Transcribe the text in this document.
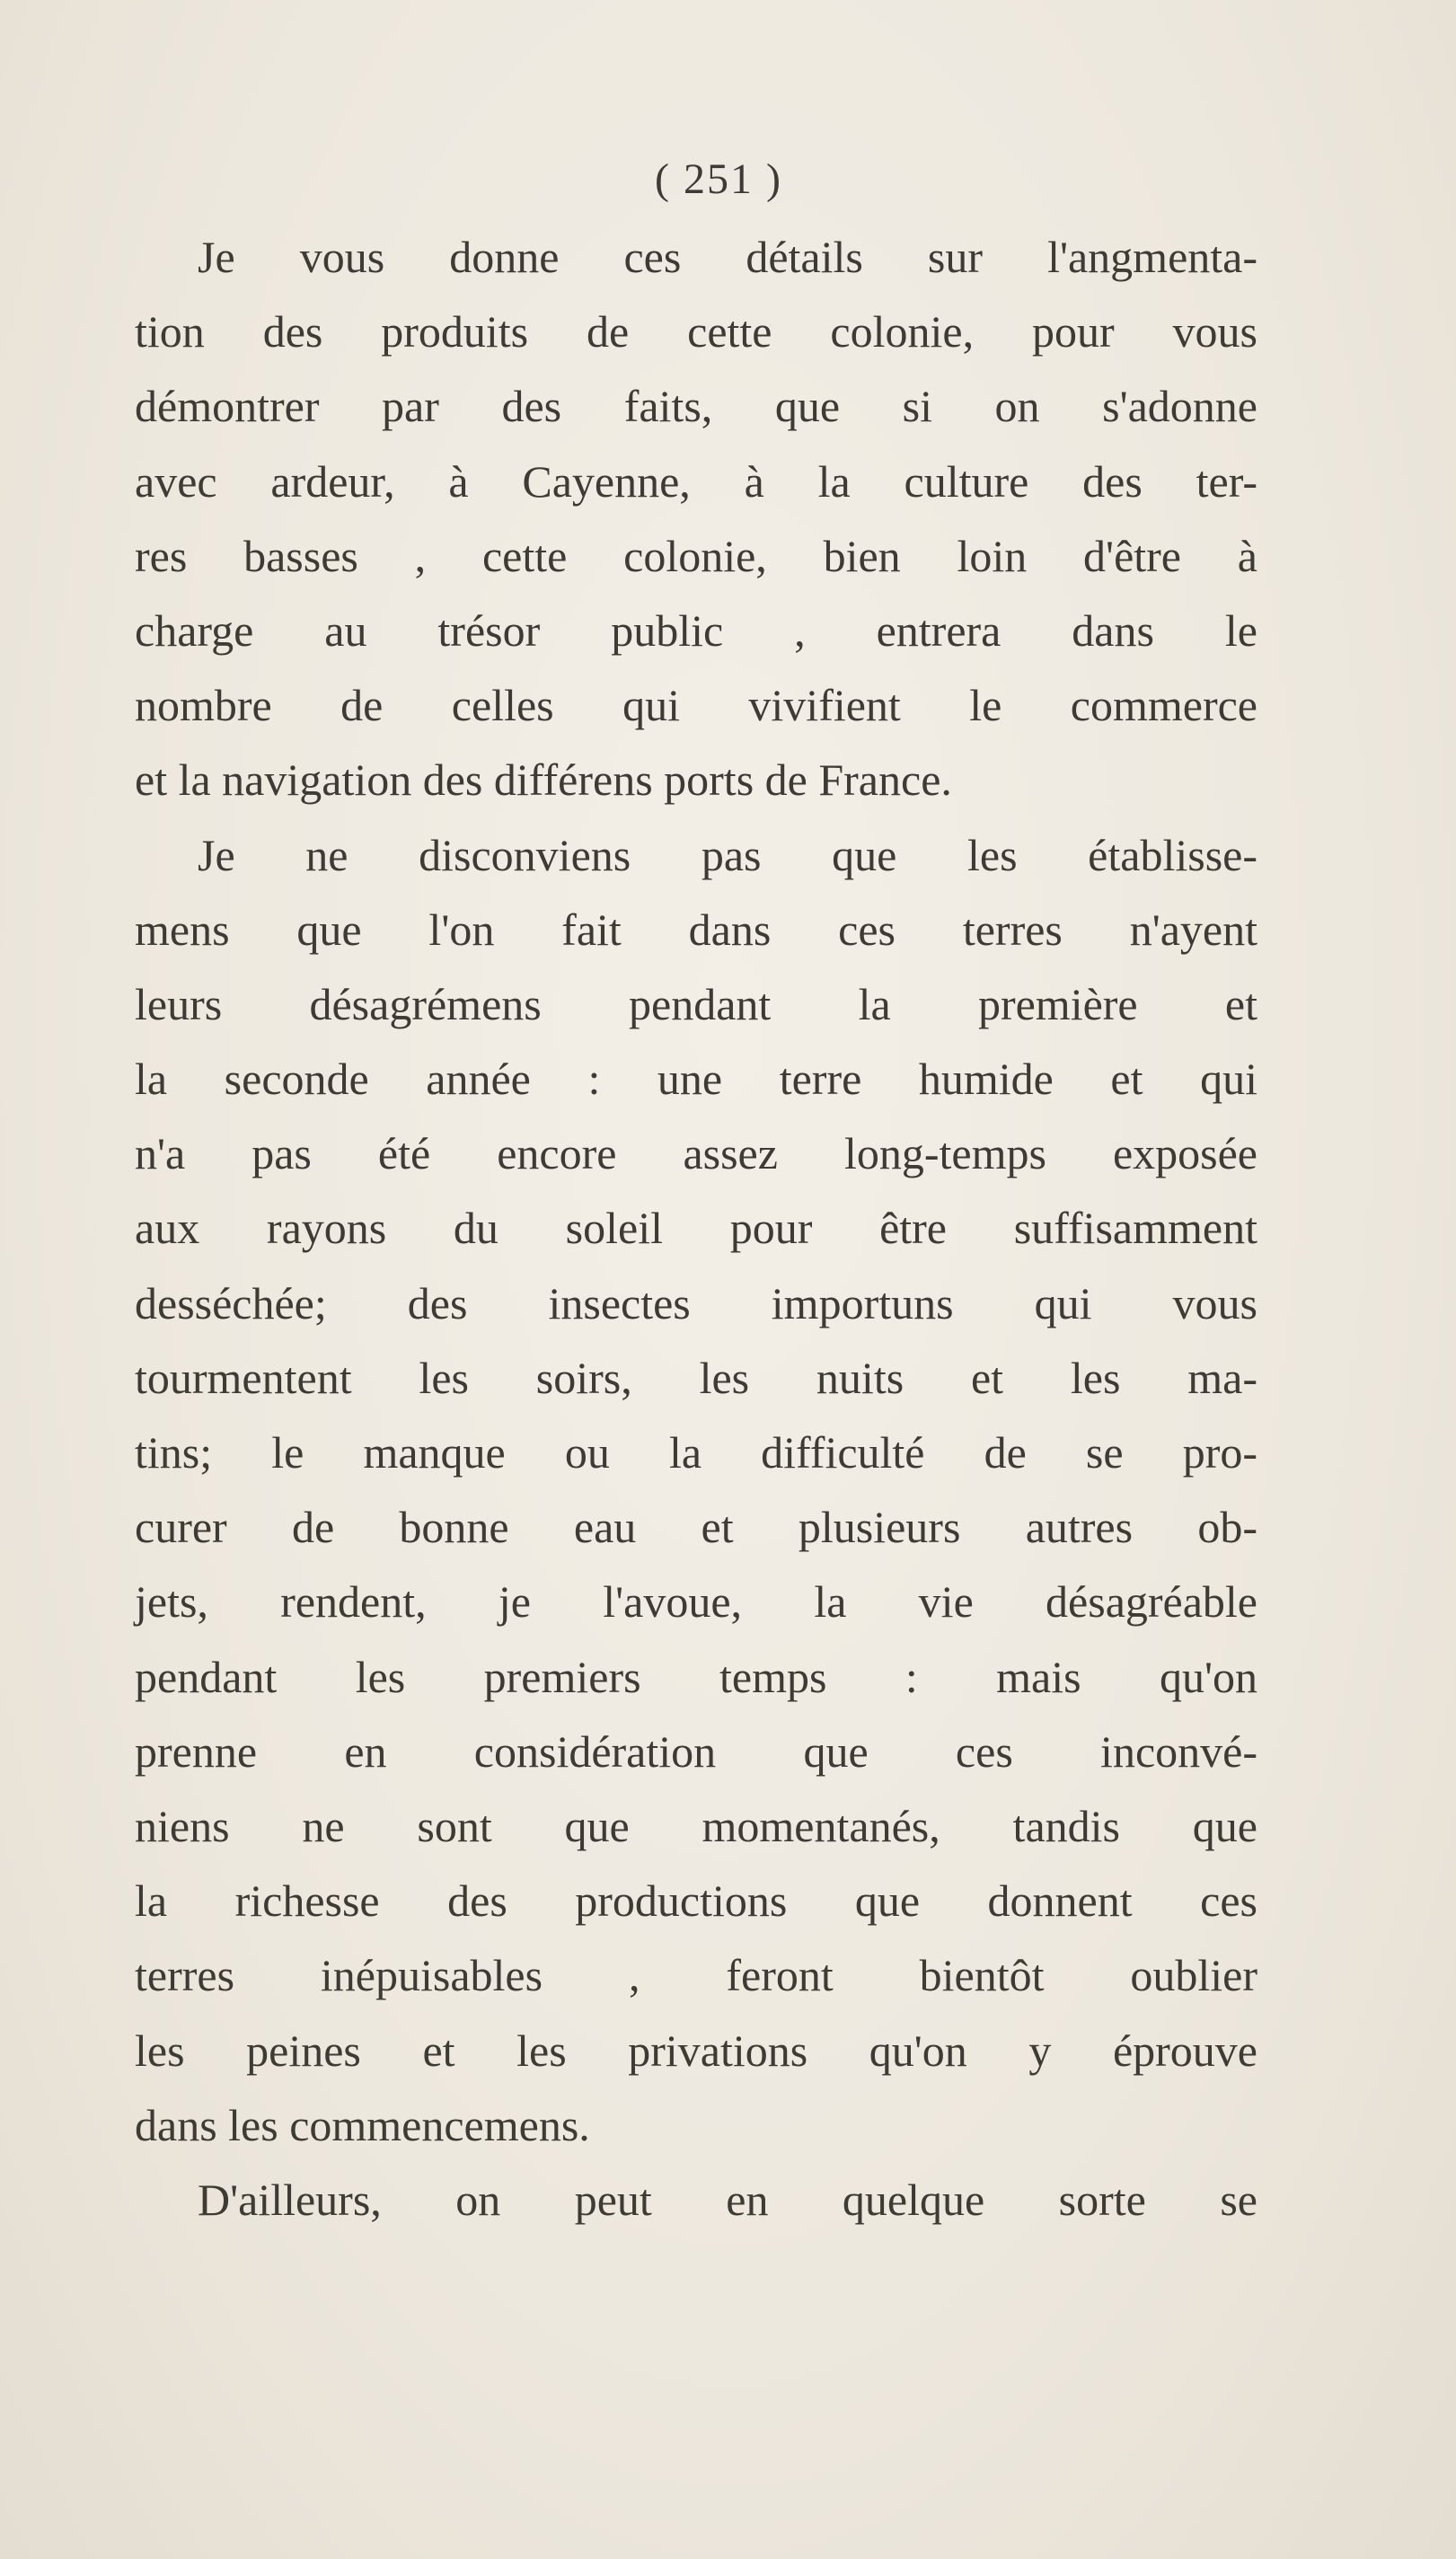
( 251 )
Je vous donne ces détails sur l'angmenta-
tion des produits de cette colonie, pour vous
démontrer par des faits, que si on s'adonne
avec ardeur, à Cayenne, à la culture des ter-
res basses , cette colonie, bien loin d'être à
charge au trésor public , entrera dans le
nombre de celles qui vivifient le commerce
et la navigation des différens ports de France.
Je ne disconviens pas que les établisse-
mens que l'on fait dans ces terres n'ayent
leurs désagrémens pendant la première et
la seconde année : une terre humide et qui
n'a pas été encore assez long-temps exposée
aux rayons du soleil pour être suffisamment
desséchée; des insectes importuns qui vous
tourmentent les soirs, les nuits et les ma-
tins; le manque ou la difficulté de se pro-
curer de bonne eau et plusieurs autres ob-
jets, rendent, je l'avoue, la vie désagréable
pendant les premiers temps : mais qu'on
prenne en considération que ces inconvé-
niens ne sont que momentanés, tandis que
la richesse des productions que donnent ces
terres inépuisables , feront bientôt oublier
les peines et les privations qu'on y éprouve
dans les commencemens.
D'ailleurs, on peut en quelque sorte se
